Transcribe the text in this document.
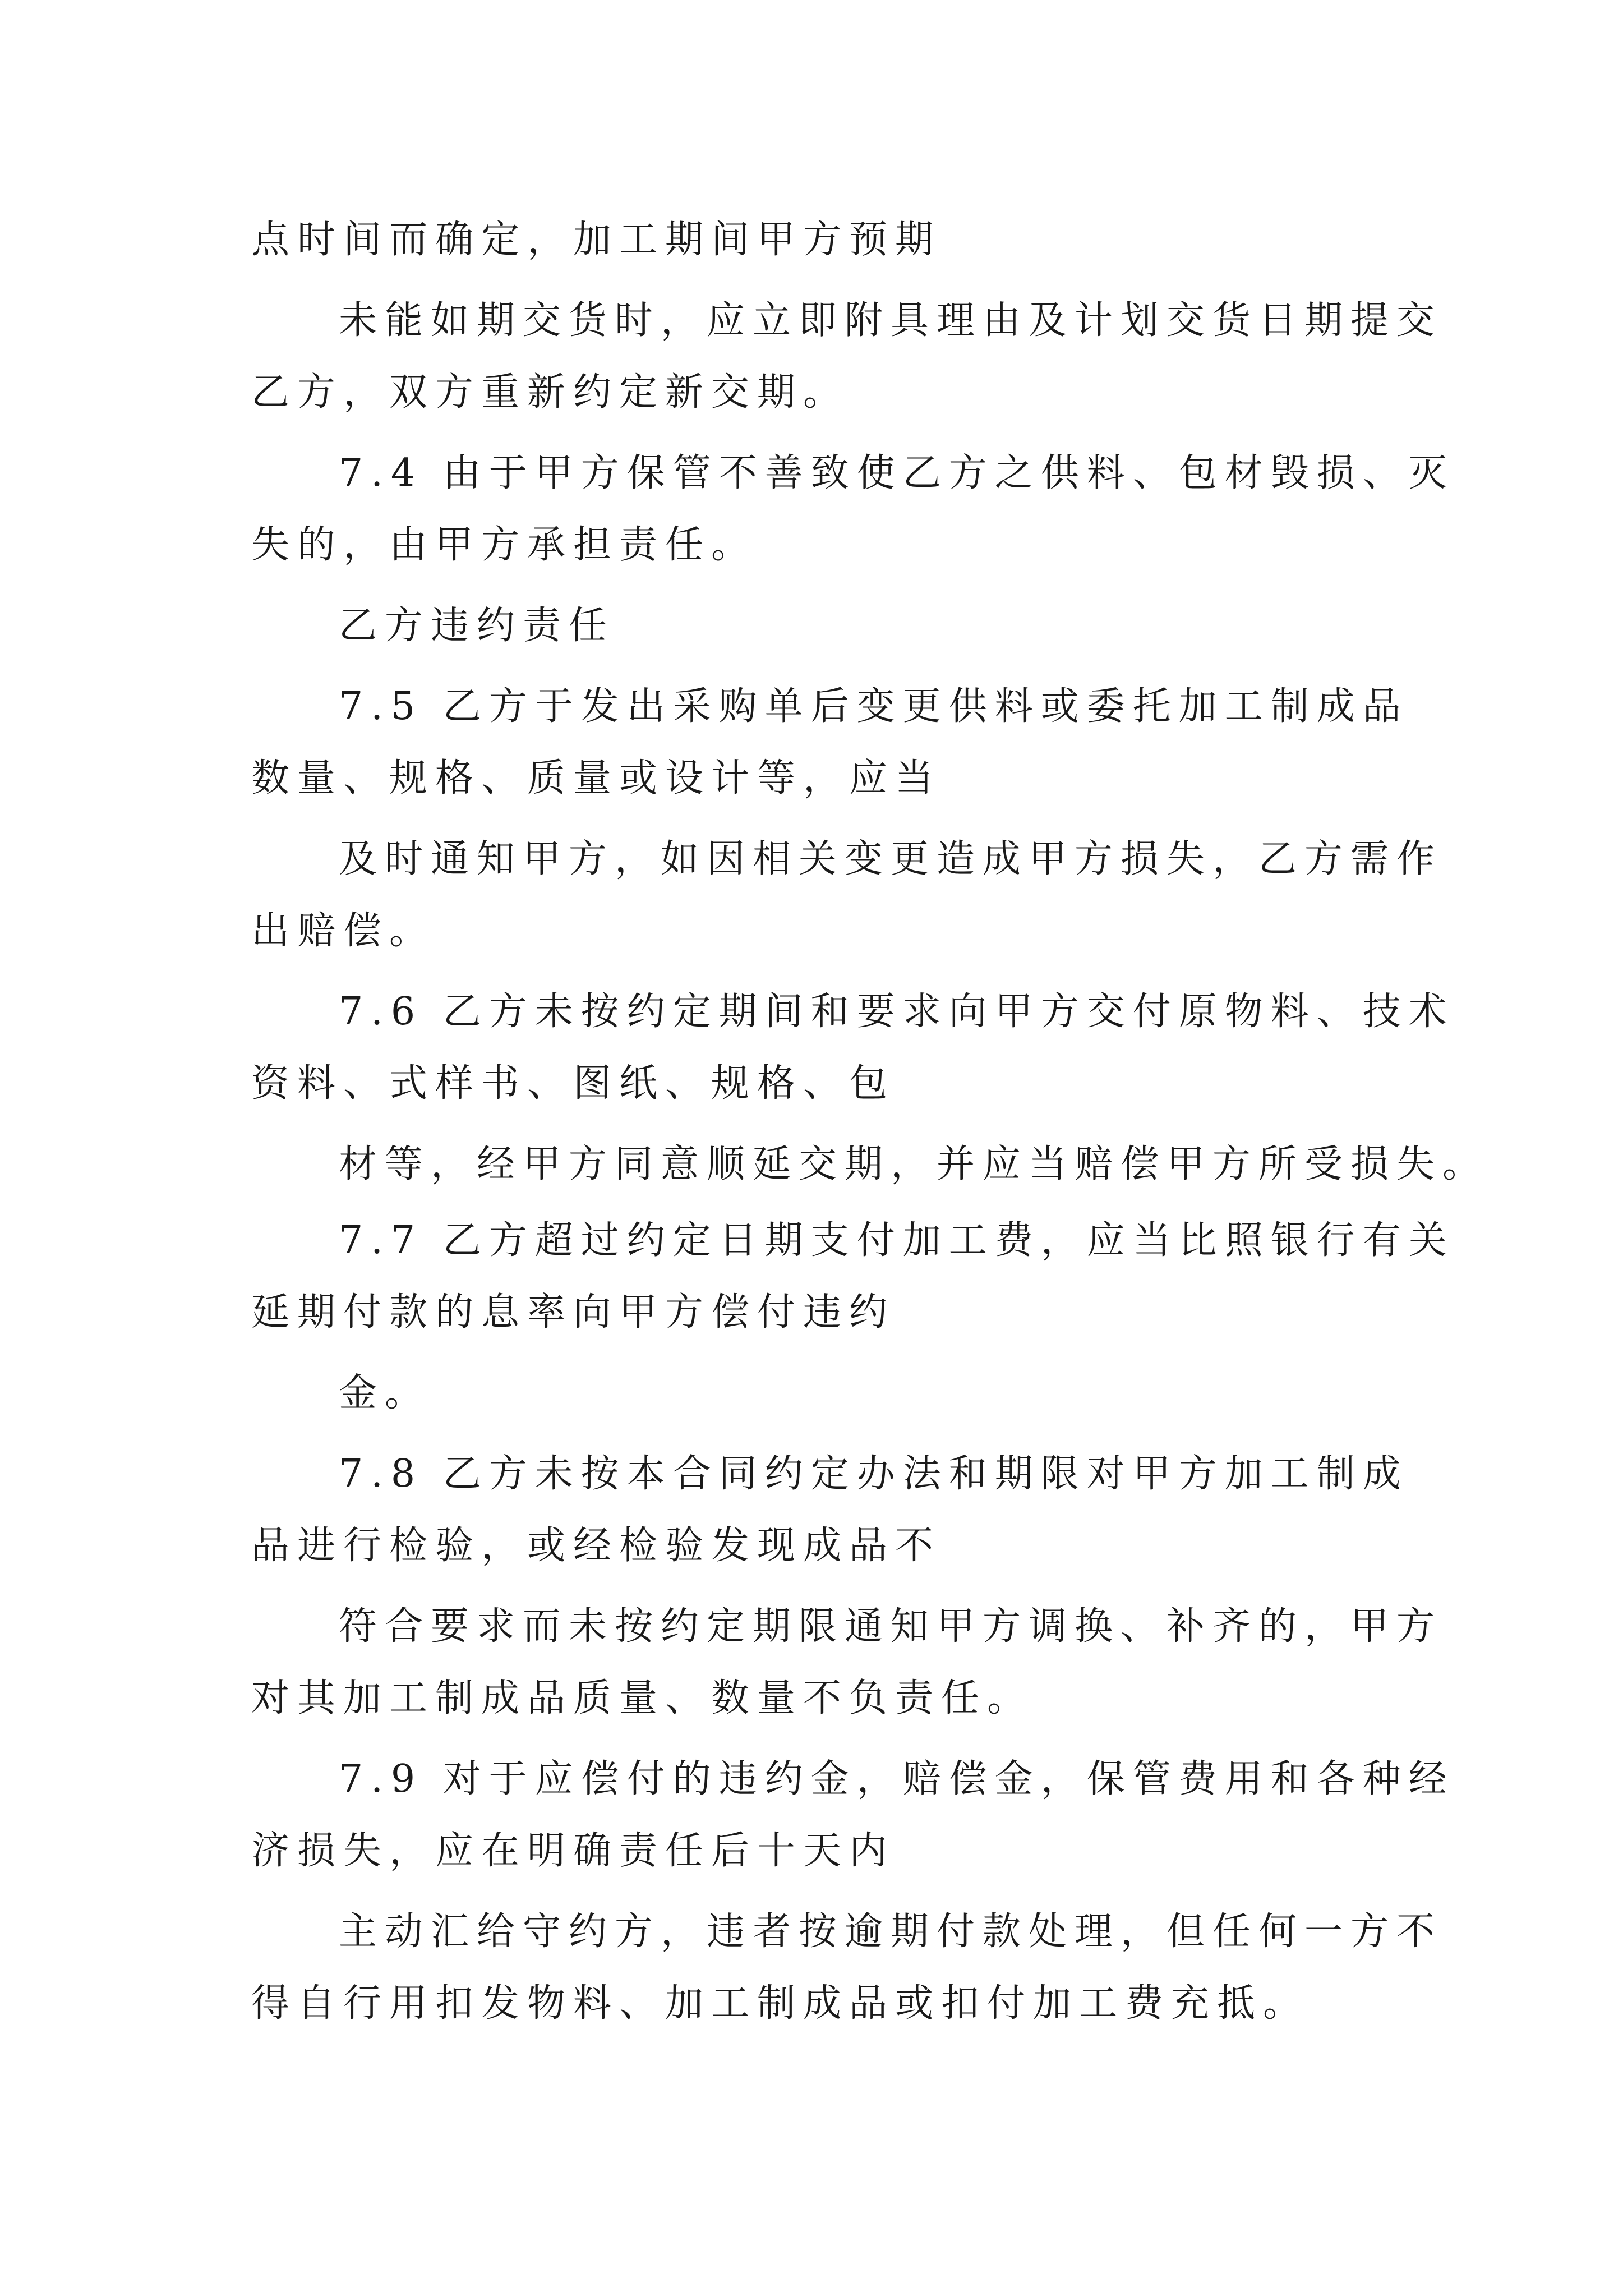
点时间而确定，加工期间甲方预期

未能如期交货时，应立即附具理由及计划交货日期提交

乙方，双方重新约定新交期。

7.4 由于甲方保管不善致使乙方之供料、包材毁损、灭

失的，由甲方承担责任。

乙方违约责任

7.5 乙方于发出采购单后变更供料或委托加工制成品

数量、规格、质量或设计等，应当

及时通知甲方，如因相关变更造成甲方损失，乙方需作

出赔偿。

7.6 乙方未按约定期间和要求向甲方交付原物料、技术

资料、式样书、图纸、规格、包

材等，经甲方同意顺延交期，并应当赔偿甲方所受损失。

7.7 乙方超过约定日期支付加工费，应当比照银行有关

延期付款的息率向甲方偿付违约

金。

7.8 乙方未按本合同约定办法和期限对甲方加工制成

品进行检验，或经检验发现成品不

符合要求而未按约定期限通知甲方调换、补齐的，甲方

对其加工制成品质量、数量不负责任。

7.9 对于应偿付的违约金，赔偿金，保管费用和各种经

济损失，应在明确责任后十天内

主动汇给守约方，违者按逾期付款处理，但任何一方不

得自行用扣发物料、加工制成品或扣付加工费充抵。
